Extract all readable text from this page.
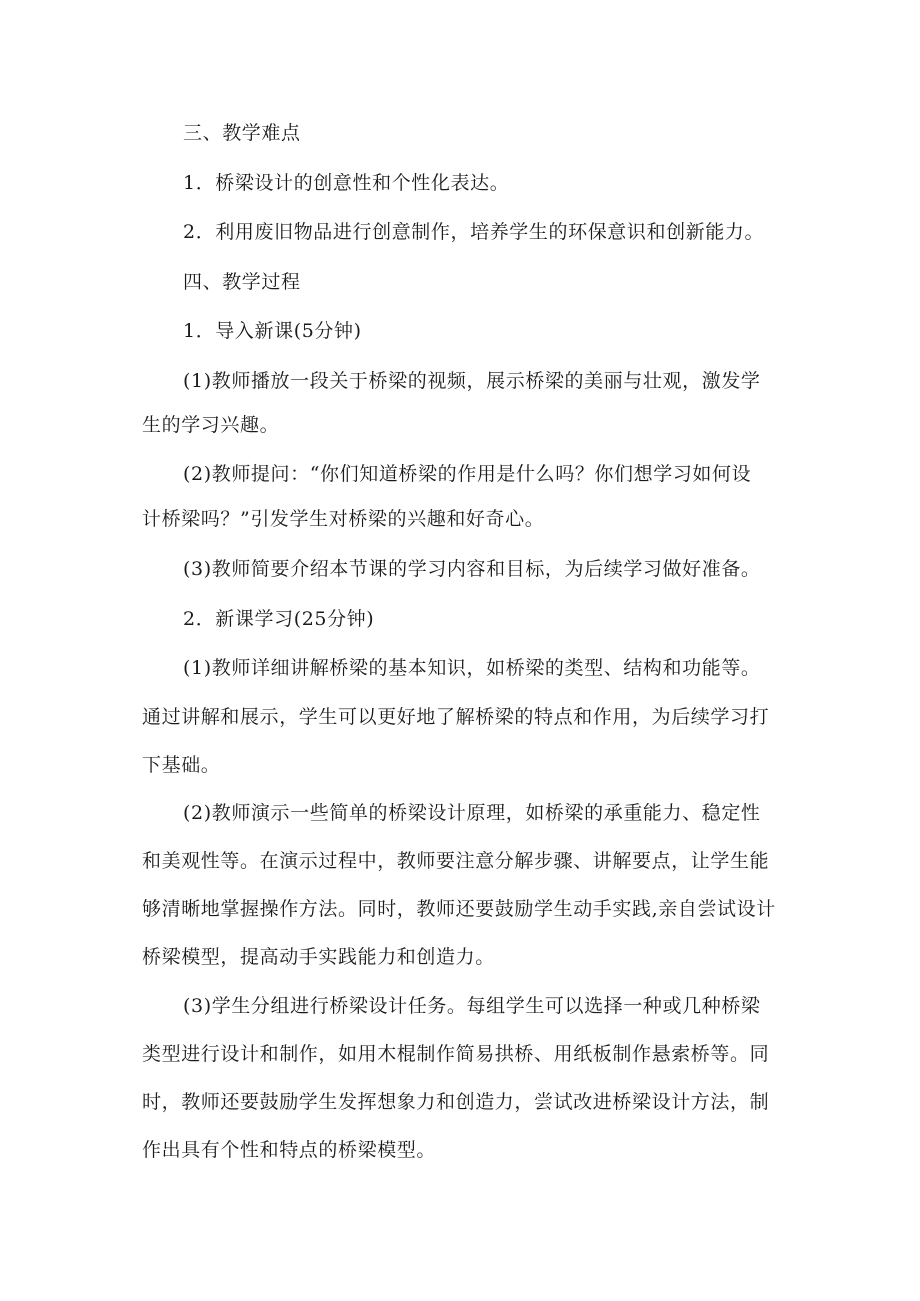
三、教学难点
1．桥梁设计的创意性和个性化表达。
2．利用废旧物品进行创意制作，培养学生的环保意识和创新能力。
四、教学过程
1．导入新课(5分钟)
(1)教师播放一段关于桥梁的视频，展示桥梁的美丽与壮观，激发学
生的学习兴趣。
(2)教师提问：“你们知道桥梁的作用是什么吗？你们想学习如何设
计桥梁吗？”引发学生对桥梁的兴趣和好奇心。
(3)教师简要介绍本节课的学习内容和目标，为后续学习做好准备。
2．新课学习(25分钟)
(1)教师详细讲解桥梁的基本知识，如桥梁的类型、结构和功能等。
通过讲解和展示，学生可以更好地了解桥梁的特点和作用，为后续学习打
下基础。
(2)教师演示一些简单的桥梁设计原理，如桥梁的承重能力、稳定性
和美观性等。在演示过程中，教师要注意分解步骤、讲解要点，让学生能
够清晰地掌握操作方法。同时，教师还要鼓励学生动手实践,亲自尝试设计
桥梁模型，提高动手实践能力和创造力。
(3)学生分组进行桥梁设计任务。每组学生可以选择一种或几种桥梁
类型进行设计和制作，如用木棍制作简易拱桥、用纸板制作悬索桥等。同
时，教师还要鼓励学生发挥想象力和创造力，尝试改进桥梁设计方法，制
作出具有个性和特点的桥梁模型。
